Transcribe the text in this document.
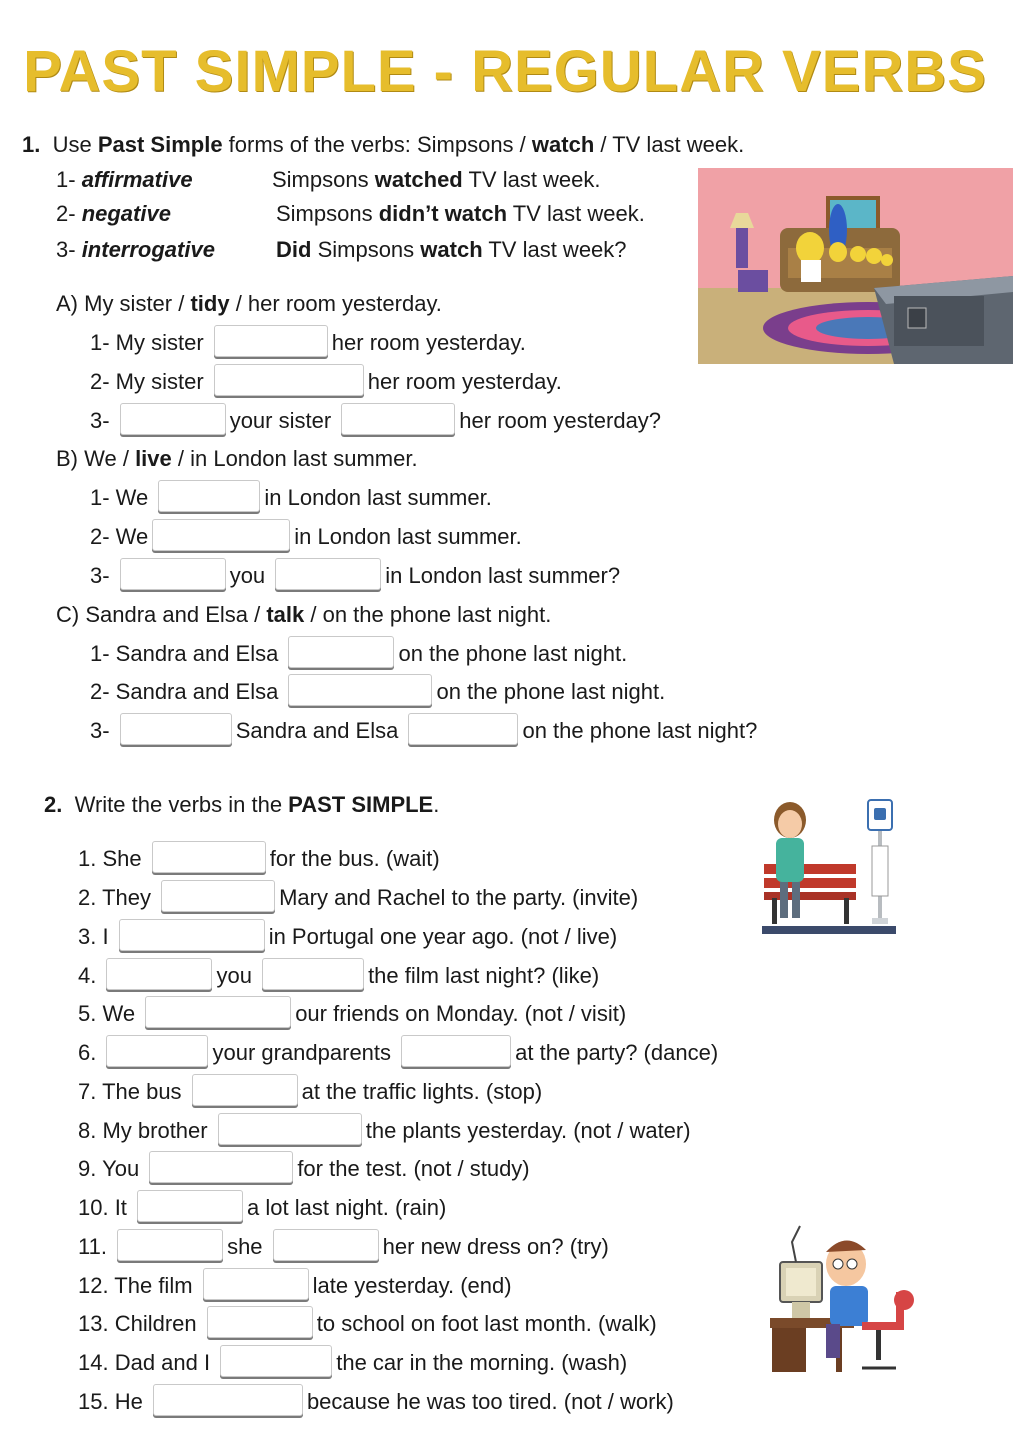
PAST SIMPLE - REGULAR VERBS
1. Use Past Simple forms of the verbs: Simpsons / watch / TV last week.
1- affirmative	Simpsons watched TV last week.
2- negative	Simpsons didn’t watch TV last week.
3- interrogative	Did Simpsons watch TV last week?
A) My sister / tidy / her room yesterday.
1- My sister	her room yesterday.
2- My sister	her room yesterday.
3-	your sister	her room yesterday?
B) We / live / in London last summer.
1- We	in London last summer.
2- We	in London last summer.
3-	you	in London last summer?
C) Sandra and Elsa / talk / on the phone last night.
1- Sandra and Elsa	on the phone last night.
2- Sandra and Elsa	on the phone last night.
3-	Sandra and Elsa	on the phone last night?
2. Write the verbs in the PAST SIMPLE.
1. She	for the bus. (wait)
2. They	Mary and Rachel to the party. (invite)
3. I	in Portugal one year ago. (not / live)
4.	you	the film last night? (like)
5. We	our friends on Monday. (not / visit)
6.	your grandparents	at the party? (dance)
7. The bus	at the traffic lights. (stop)
8. My brother	the plants yesterday. (not / water)
9. You	for the test. (not / study)
10. It	a lot last night. (rain)
11.	she	her new dress on? (try)
12. The film	late yesterday. (end)
13. Children	to school on foot last month. (walk)
14. Dad and I	the car in the morning. (wash)
15. He	because he was too tired. (not / work)
